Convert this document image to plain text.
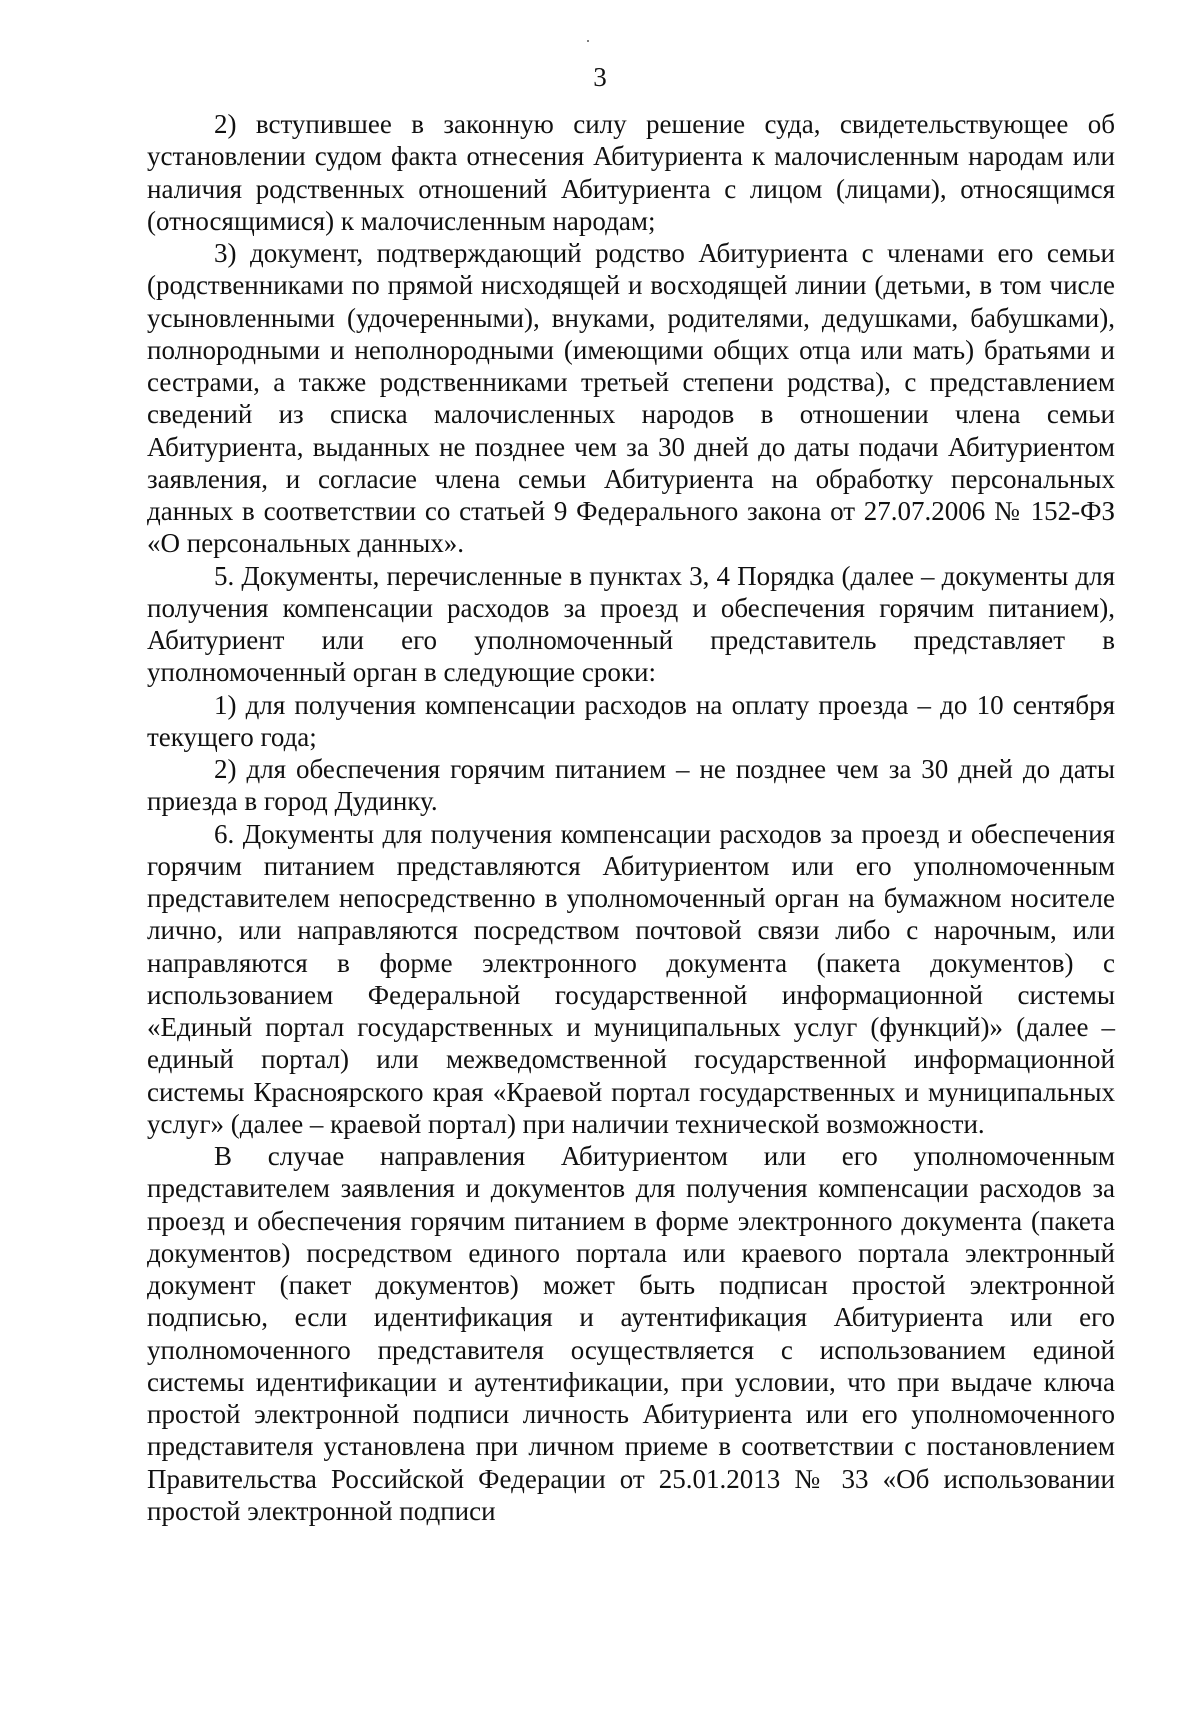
3

2) вступившее в законную силу решение суда, свидетельствующее об установлении судом факта отнесения Абитуриента к малочисленным народам или наличия родственных отношений Абитуриента с лицом (лицами), относящимся (относящимися) к малочисленным народам;

3) документ, подтверждающий родство Абитуриента с членами его семьи (родственниками по прямой нисходящей и восходящей линии (детьми, в том числе усыновленными (удочеренными), внуками, родителями, дедушками, бабушками), полнородными и неполнородными (имеющими общих отца или мать) братьями и сестрами, а также родственниками третьей степени родства), с представлением сведений из списка малочисленных народов в отношении члена семьи Абитуриента, выданных не позднее чем за 30 дней до даты подачи Абитуриентом заявления, и согласие члена семьи Абитуриента на обработку персональных данных в соответствии со статьей 9 Федерального закона от 27.07.2006 № 152-ФЗ «О персональных данных».

5. Документы, перечисленные в пунктах 3, 4 Порядка (далее – документы для получения компенсации расходов за проезд и обеспечения горячим питанием), Абитуриент или его уполномоченный представитель представляет в уполномоченный орган в следующие сроки:

1) для получения компенсации расходов на оплату проезда – до 10 сентября текущего года;

2) для обеспечения горячим питанием – не позднее чем за 30 дней до даты приезда в город Дудинку.

6. Документы для получения компенсации расходов за проезд и обеспечения горячим питанием представляются Абитуриентом или его уполномоченным представителем непосредственно в уполномоченный орган на бумажном носителе лично, или направляются посредством почтовой связи либо с нарочным, или направляются в форме электронного документа (пакета документов) с использованием Федеральной государственной информационной системы «Единый портал государственных и муниципальных услуг (функций)» (далее – единый портал) или межведомственной государственной информационной системы Красноярского края «Краевой портал государственных и муниципальных услуг» (далее – краевой портал) при наличии технической возможности.

В случае направления Абитуриентом или его уполномоченным представителем заявления и документов для получения компенсации расходов за проезд и обеспечения горячим питанием в форме электронного документа (пакета документов) посредством единого портала или краевого портала электронный документ (пакет документов) может быть подписан простой электронной подписью, если идентификация и аутентификация Абитуриента или его уполномоченного представителя осуществляется с использованием единой системы идентификации и аутентификации, при условии, что при выдаче ключа простой электронной подписи личность Абитуриента или его уполномоченного представителя установлена при личном приеме в соответствии с постановлением Правительства Российской Федерации от 25.01.2013 № 33 «Об использовании простой электронной подписи
